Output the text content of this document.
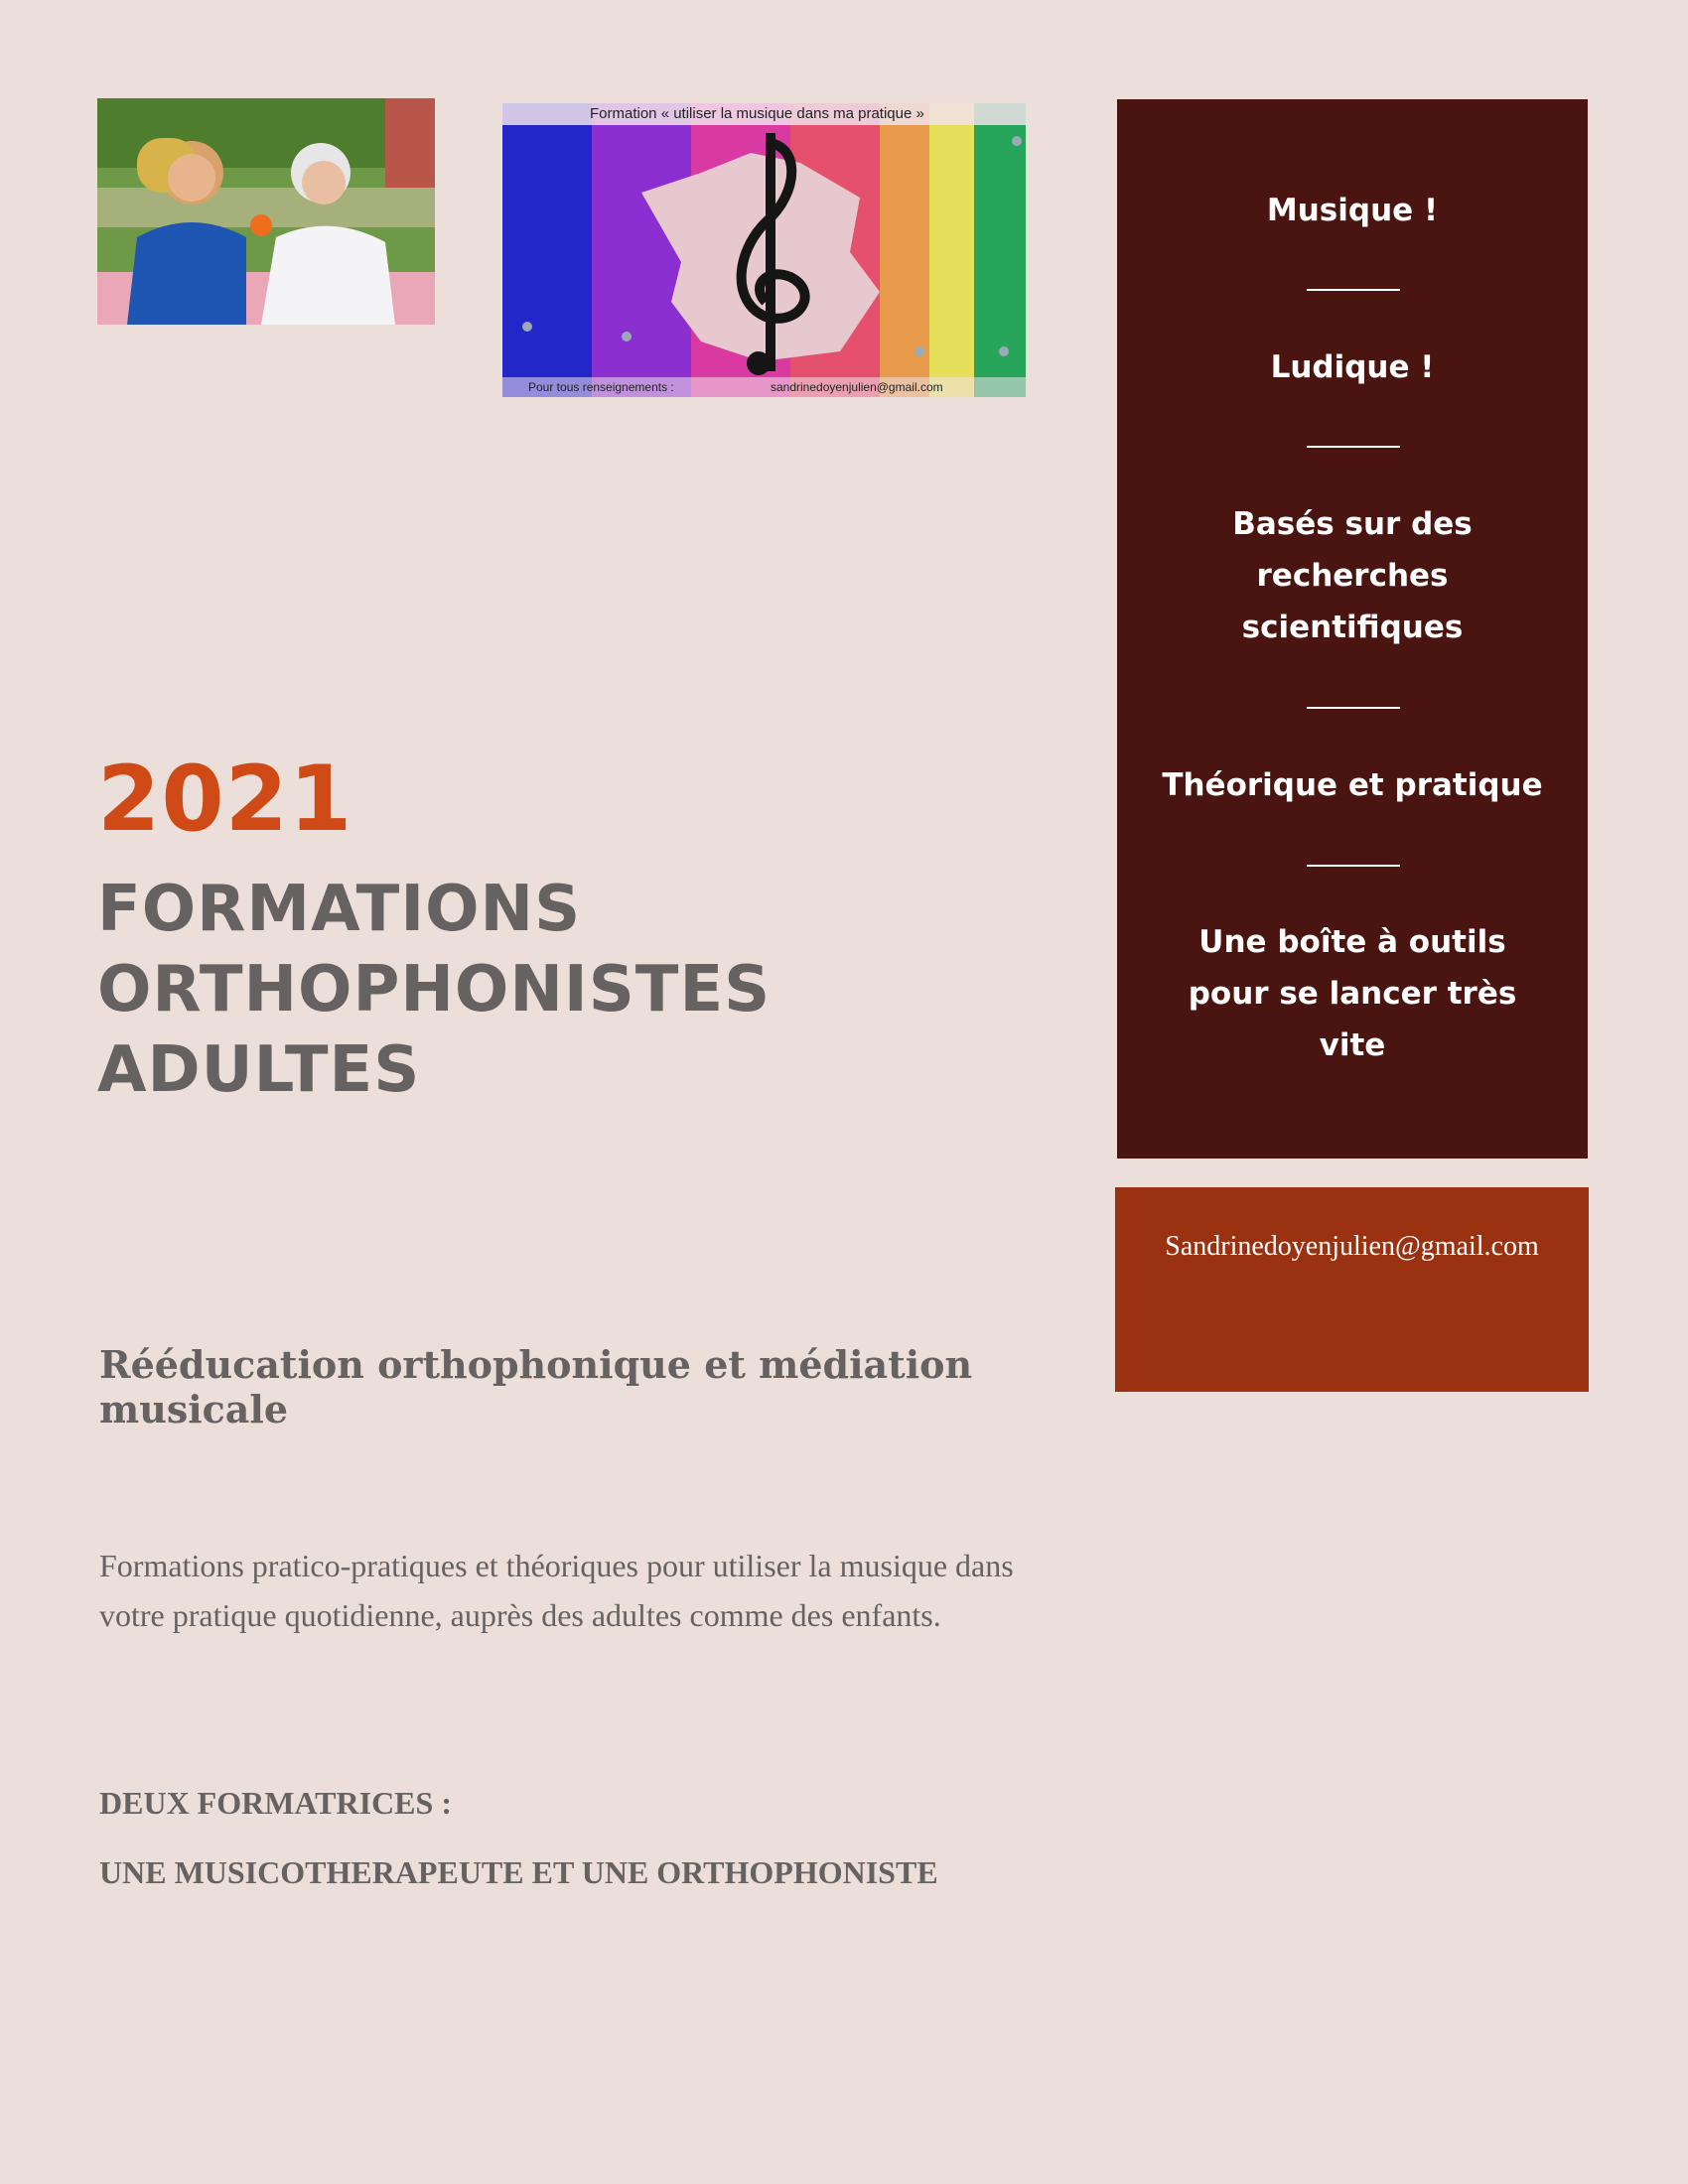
Formation « utiliser la musique dans ma pratique »
Pour tous renseignements :	sandrinedoyenjulien@gmail.com
Musique !
Ludique !
Basés sur des recherches scientifiques
Théorique et pratique
Une boîte à outils pour se lancer très vite
Sandrinedoyenjulien@gmail.com
2021
FORMATIONS
ORTHOPHONISTES
ADULTES
Rééducation orthophonique et médiation musicale
Formations pratico-pratiques et théoriques pour utiliser la musique dans votre pratique quotidienne, auprès des adultes comme des enfants.
DEUX FORMATRICES :
UNE MUSICOTHERAPEUTE ET UNE ORTHOPHONISTE
